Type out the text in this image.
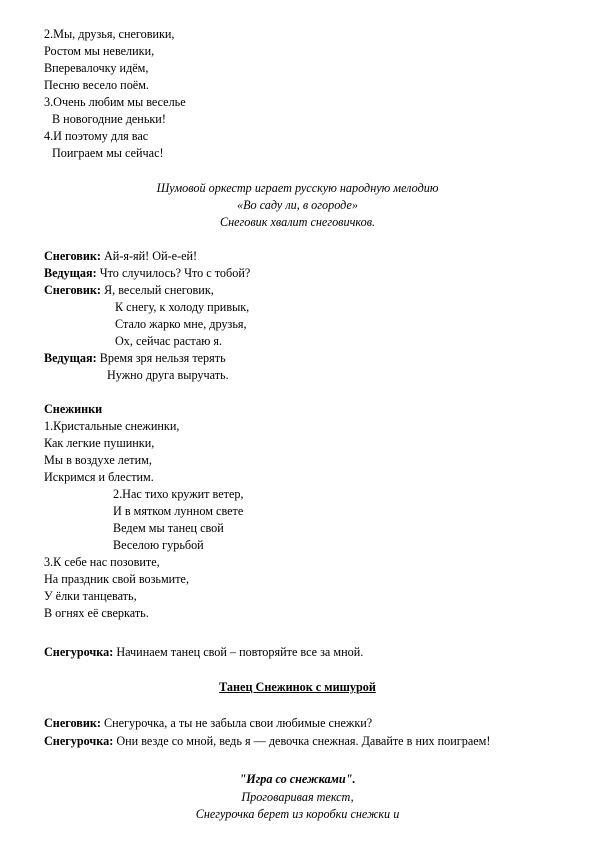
2.Мы, друзья, снеговики,
Ростом мы невелики,
Вперевалочку идём,
Песню весело поём.
3.Очень любим мы веселье
В новогодние деньки!
4.И поэтому для вас
Поиграем мы сейчас!
Шумовой оркестр играет русскую народную мелодию
«Во саду ли, в огороде»
Снеговик хвалит снеговичков.
Снеговик: Ай-я-яй! Ой-е-ей!
Ведущая: Что случилось? Что с тобой?
Снеговик: Я, веселый снеговик,
К снегу, к холоду привык,
Стало жарко мне, друзья,
Ох, сейчас растаю я.
Ведущая: Время зря нельзя терять
Нужно друга выручать.
Снежинки
1.Кристальные снежинки,
Как легкие пушинки,
Мы в воздухе летим,
Искримся и блестим.
2.Нас тихо кружит ветер,
И в мятком лунном свете
Ведем мы танец свой
Веселою гурьбой
3.К себе нас позовите,
На праздник свой возьмите,
У ёлки танцевать,
В огнях её сверкать.
Снегурочка: Начинаем танец свой – повторяйте все за мной.
Танец Снежинок с мишурой
Снеговик: Снегурочка, а ты не забыла свои любимые снежки?
Снегурочка: Они везде со мной, ведь я — девочка снежная. Давайте в них поиграем!
"Игра со снежками".
Проговаривая текст,
Снегурочка берет из коробки снежки и
